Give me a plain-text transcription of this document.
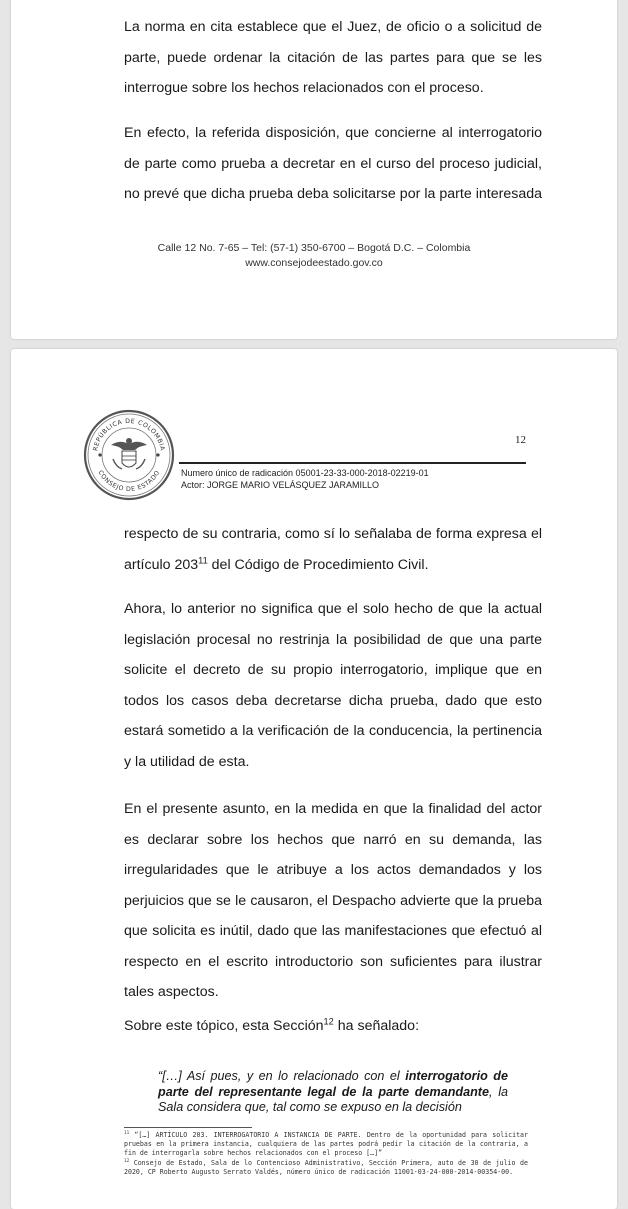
La norma en cita establece que el Juez, de oficio o a solicitud de parte, puede ordenar la citación de las partes para que se les interrogue sobre los hechos relacionados con el proceso.

En efecto, la referida disposición, que concierne al interrogatorio de parte como prueba a decretar en el curso del proceso judicial, no prevé que dicha prueba deba solicitarse por la parte interesada

Calle 12 No. 7-65 – Tel: (57-1) 350-6700 – Bogotá D.C. – Colombia
www.consejodeestado.gov.co
REPÚBLICA DE COLOMBIA
CONSEJO DE ESTADO
12
Numero único de radicación 05001-23-33-000-2018-02219-01
Actor: JORGE MARIO VELÁSQUEZ JARAMILLO

respecto de su contraria, como sí lo señalaba de forma expresa el artículo $203^{11}$ del Código de Procedimiento Civil.

Ahora, lo anterior no significa que el solo hecho de que la actual legislación procesal no restrinja la posibilidad de que una parte solicite el decreto de su propio interrogatorio, implique que en todos los casos deba decretarse dicha prueba, dado que esto estará sometido a la verificación de la conducencia, la pertinencia y la utilidad de esta.

En el presente asunto, en la medida en que la finalidad del actor es declarar sobre los hechos que narró en su demanda, las irregularidades que le atribuye a los actos demandados y los perjuicios que se le causaron, el Despacho advierte que la prueba que solicita es inútil, dado que las manifestaciones que efectuó al respecto en el escrito introductorio son suficientes para ilustrar tales aspectos.

Sobre este tópico, esta Sección$^{12}$ ha señalado:

“[…] Así pues, y en lo relacionado con el interrogatorio de parte del representante legal de la parte demandante, la Sala considera que, tal como se expuso en la decisión

$^{11}$ “[…] ARTÍCULO 203. INTERROGATORIO A INSTANCIA DE PARTE. Dentro de la oportunidad para solicitar pruebas en la primera instancia, cualquiera de las partes podrá pedir la citación de la contraria, a fin de interrogarla sobre hechos relacionados con el proceso […]”

$^{12}$ Consejo de Estado, Sala de lo Contencioso Administrativo, Sección Primera, auto de 30 de julio de 2020, CP Roberto Augusto Serrato Valdés, número único de radicación 11001-03-24-000-2014-00354-00.
